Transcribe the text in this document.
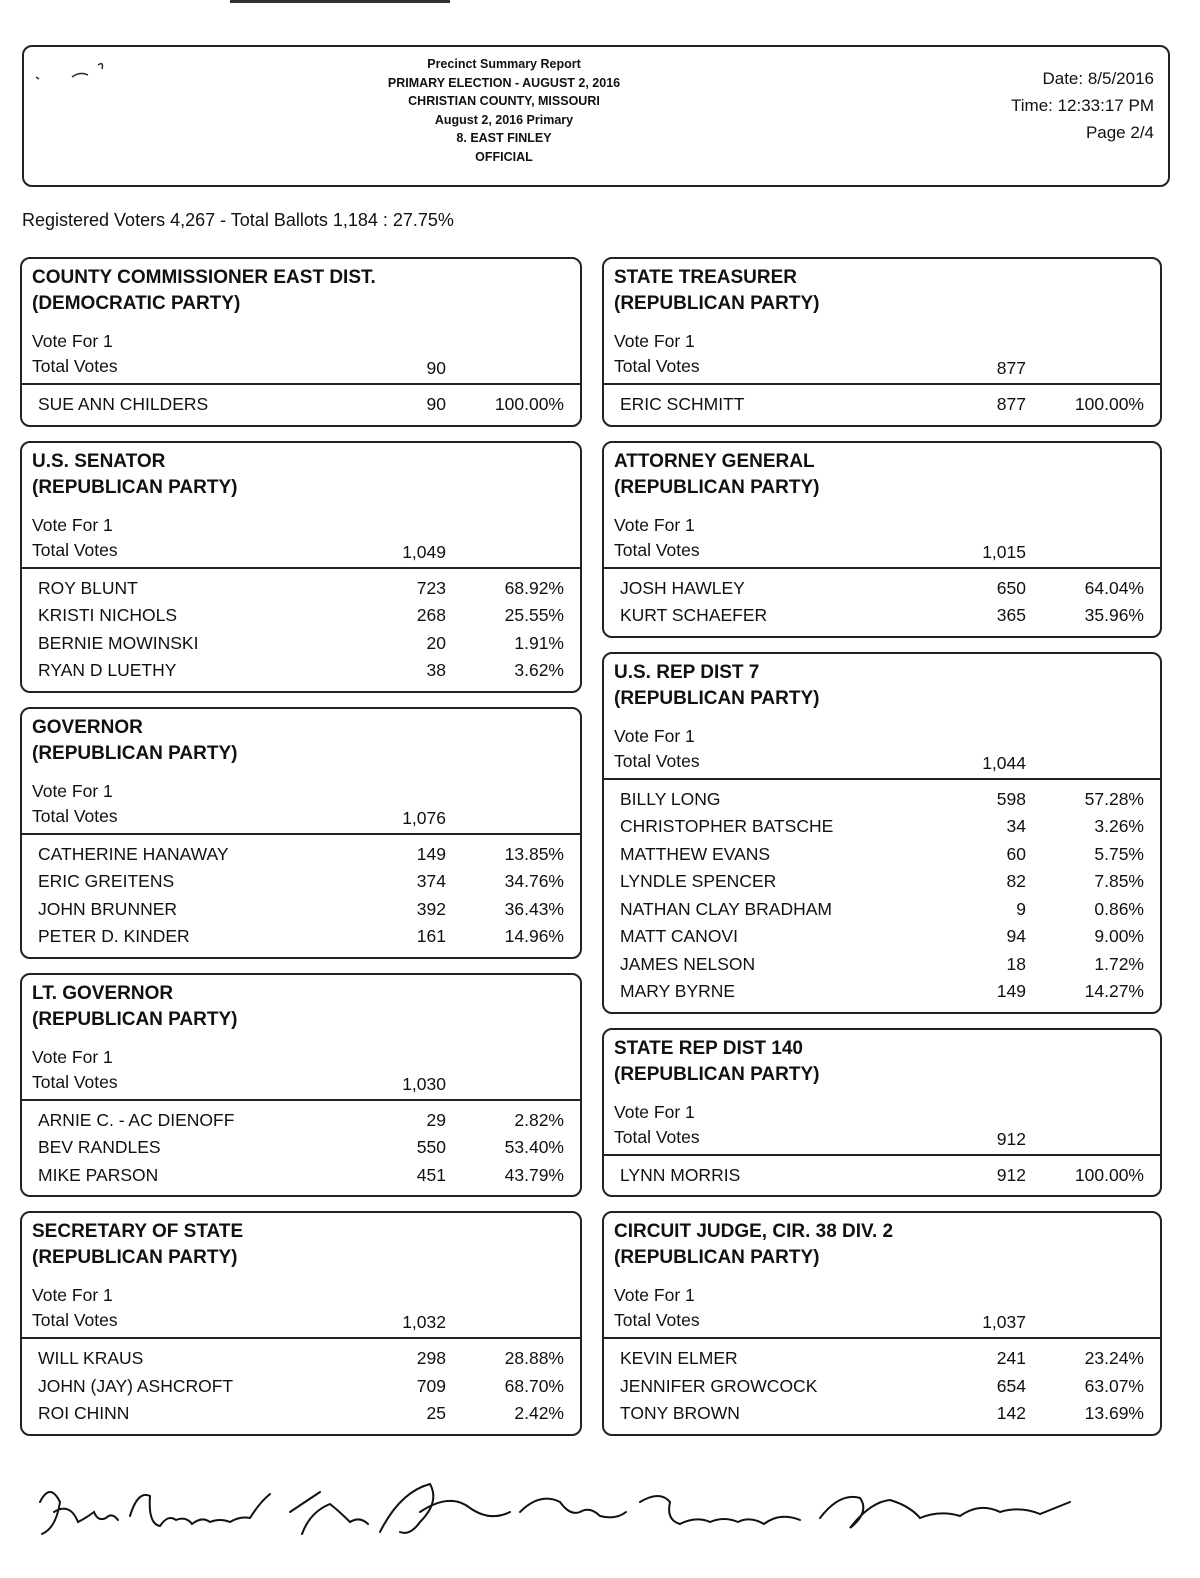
Precinct Summary Report
PRIMARY ELECTION - AUGUST 2, 2016
CHRISTIAN COUNTY, MISSOURI
August 2, 2016 Primary
8. EAST FINLEY
OFFICIAL
Date: 8/5/2016
Time: 12:33:17 PM
Page 2/4
Registered Voters 4,267 - Total Ballots 1,184 : 27.75%
COUNTY COMMISSIONER EAST DIST.
(DEMOCRATIC PARTY)
Vote For 1
Total Votes	90
SUE ANN CHILDERS	90	100.00%
U.S. SENATOR
(REPUBLICAN PARTY)
Vote For 1
Total Votes	1,049
ROY BLUNT	723	68.92%
KRISTI NICHOLS	268	25.55%
BERNIE MOWINSKI	20	1.91%
RYAN D LUETHY	38	3.62%
GOVERNOR
(REPUBLICAN PARTY)
Vote For 1
Total Votes	1,076
CATHERINE HANAWAY	149	13.85%
ERIC GREITENS	374	34.76%
JOHN BRUNNER	392	36.43%
PETER D. KINDER	161	14.96%
LT. GOVERNOR
(REPUBLICAN PARTY)
Vote For 1
Total Votes	1,030
ARNIE C. - AC DIENOFF	29	2.82%
BEV RANDLES	550	53.40%
MIKE PARSON	451	43.79%
SECRETARY OF STATE
(REPUBLICAN PARTY)
Vote For 1
Total Votes	1,032
WILL KRAUS	298	28.88%
JOHN (JAY) ASHCROFT	709	68.70%
ROI CHINN	25	2.42%
STATE TREASURER
(REPUBLICAN PARTY)
Vote For 1
Total Votes	877
ERIC SCHMITT	877	100.00%
ATTORNEY GENERAL
(REPUBLICAN PARTY)
Vote For 1
Total Votes	1,015
JOSH HAWLEY	650	64.04%
KURT SCHAEFER	365	35.96%
U.S. REP DIST 7
(REPUBLICAN PARTY)
Vote For 1
Total Votes	1,044
BILLY LONG	598	57.28%
CHRISTOPHER BATSCHE	34	3.26%
MATTHEW EVANS	60	5.75%
LYNDLE SPENCER	82	7.85%
NATHAN CLAY BRADHAM	9	0.86%
MATT CANOVI	94	9.00%
JAMES NELSON	18	1.72%
MARY BYRNE	149	14.27%
STATE REP DIST 140
(REPUBLICAN PARTY)
Vote For 1
Total Votes	912
LYNN MORRIS	912	100.00%
CIRCUIT JUDGE, CIR. 38 DIV. 2
(REPUBLICAN PARTY)
Vote For 1
Total Votes	1,037
KEVIN ELMER	241	23.24%
JENNIFER GROWCOCK	654	63.07%
TONY BROWN	142	13.69%
